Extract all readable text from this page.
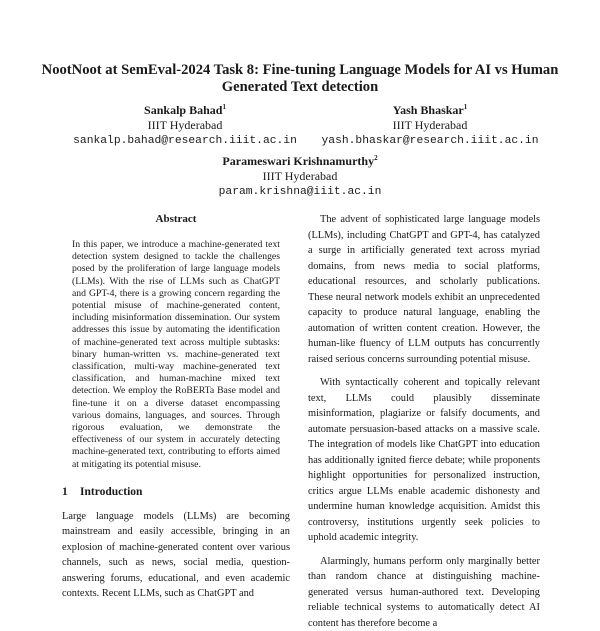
NootNoot at SemEval-2024 Task 8: Fine-tuning Language Models for AI vs Human Generated Text detection
Sankalp Bahad$^1$
IIIT Hyderabad
sankalp.bahad@research.iiit.ac.in
Yash Bhaskar$^1$
IIIT Hyderabad
yash.bhaskar@research.iiit.ac.in
Parameswari Krishnamurthy$^2$
IIIT Hyderabad
param.krishna@iiit.ac.in
Abstract
In this paper, we introduce a machine-generated text detection system designed to tackle the challenges posed by the proliferation of large language models (LLMs). With the rise of LLMs such as ChatGPT and GPT-4, there is a growing concern regarding the potential misuse of machine-generated content, including misinformation dissemination. Our system addresses this issue by automating the identification of machine-generated text across multiple subtasks: binary human-written vs. machine-generated text classification, multi-way machine-generated text classification, and human-machine mixed text detection. We employ the RoBERTa Base model and fine-tune it on a diverse dataset encompassing various domains, languages, and sources. Through rigorous evaluation, we demonstrate the effectiveness of our system in accurately detecting machine-generated text, contributing to efforts aimed at mitigating its potential misuse.
1 Introduction

Large language models (LLMs) are becoming mainstream and easily accessible, bringing in an explosion of machine-generated content over various channels, such as news, social media, question-answering forums, educational, and even academic contexts. Recent LLMs, such as ChatGPT and

The advent of sophisticated large language models (LLMs), including ChatGPT and GPT-4, has catalyzed a surge in artificially generated text across myriad domains, from news media to social platforms, educational resources, and scholarly publications. These neural network models exhibit an unprecedented capacity to produce natural language, enabling the automation of written content creation. However, the human-like fluency of LLM outputs has concurrently raised serious concerns surrounding potential misuse.

With syntactically coherent and topically relevant text, LLMs could plausibly disseminate misinformation, plagiarize or falsify documents, and automate persuasion-based attacks on a massive scale. The integration of models like ChatGPT into education has additionally ignited fierce debate; while proponents highlight opportunities for personalized instruction, critics argue LLMs enable academic dishonesty and undermine human knowledge acquisition. Amidst this controversy, institutions urgently seek policies to uphold academic integrity.

Alarmingly, humans perform only marginally better than random chance at distinguishing machine-generated versus human-authored text. Developing reliable technical systems to automatically detect AI content has therefore become a
